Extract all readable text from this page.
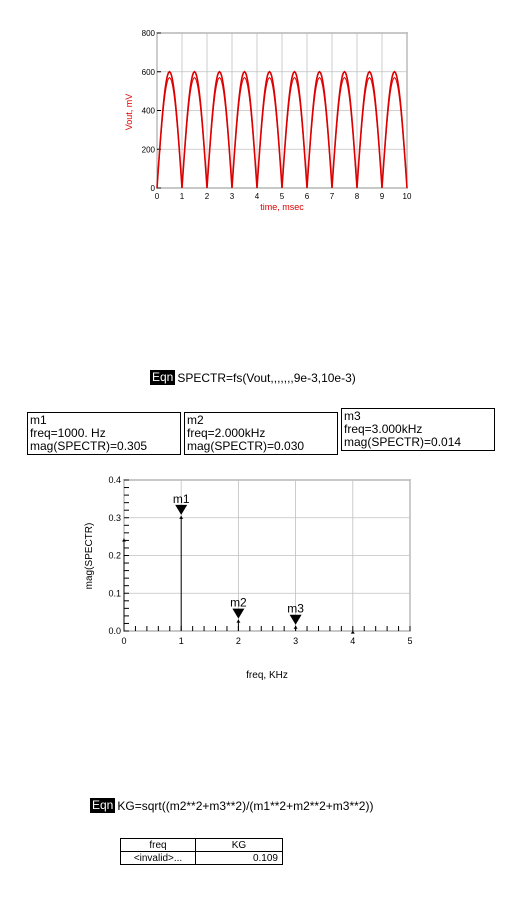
0	1	2	3	4	5	6	7	8	9 10
0
200
400
600
800
time, msec
Vout, mV
Eqn SPECTR=fs(Vout,,,,,,,9e-3,10e-3)
m1
freq=1000. Hz
mag(SPECTR)=0.305
m2
freq=2.000kHz
mag(SPECTR)=0.030
m3
freq=3.000kHz
mag(SPECTR)=0.014
0	1	2	3	4	5
0.0
0.1
0.2
0.3
0.4
m1
m2	m3
freq, KHz
mag(SPECTR)
Eqn KG=sqrt((m2**2+m3**2)/(m1**2+m2**2+m3**2))
freq	KG
<invalid>...	0.109
